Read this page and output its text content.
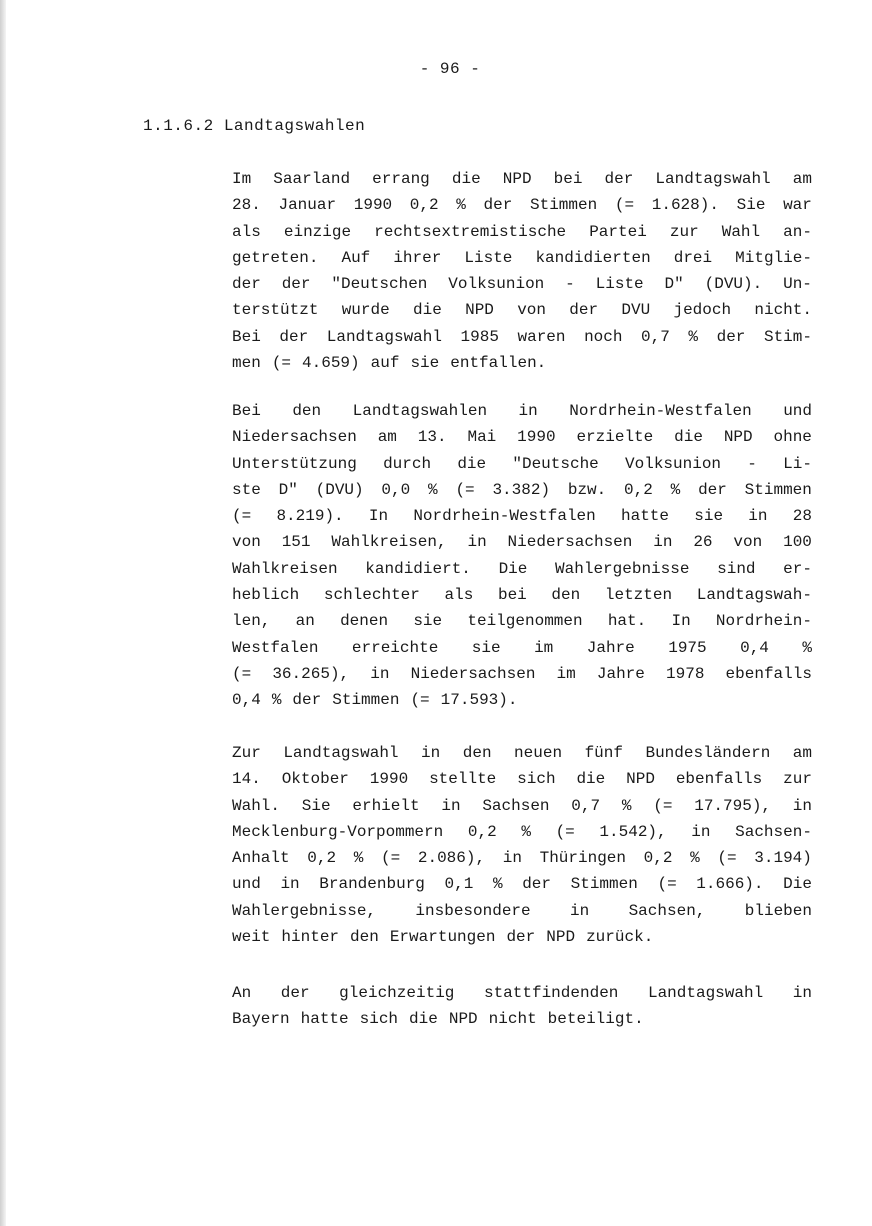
- 96 -
1.1.6.2 Landtagswahlen
Im Saarland errang die NPD bei der Landtagswahl am
28. Januar 1990 0,2 % der Stimmen (= 1.628). Sie war
als einzige rechtsextremistische Partei zur Wahl an-
getreten. Auf ihrer Liste kandidierten drei Mitglie-
der der "Deutschen Volksunion - Liste D" (DVU). Un-
terstützt wurde die NPD von der DVU jedoch nicht.
Bei der Landtagswahl 1985 waren noch 0,7 % der Stim-
men (= 4.659) auf sie entfallen.
Bei den Landtagswahlen in Nordrhein-Westfalen und
Niedersachsen am 13. Mai 1990 erzielte die NPD ohne
Unterstützung durch die "Deutsche Volksunion - Li-
ste D" (DVU) 0,0 % (= 3.382) bzw. 0,2 % der Stimmen
(= 8.219). In Nordrhein-Westfalen hatte sie in 28
von 151 Wahlkreisen, in Niedersachsen in 26 von 100
Wahlkreisen kandidiert. Die Wahlergebnisse sind er-
heblich schlechter als bei den letzten Landtagswah-
len, an denen sie teilgenommen hat. In Nordrhein-
Westfalen erreichte sie im Jahre 1975 0,4 %
(= 36.265), in Niedersachsen im Jahre 1978 ebenfalls
0,4 % der Stimmen (= 17.593).
Zur Landtagswahl in den neuen fünf Bundesländern am
14. Oktober 1990 stellte sich die NPD ebenfalls zur
Wahl. Sie erhielt in Sachsen 0,7 % (= 17.795), in
Mecklenburg-Vorpommern 0,2 % (= 1.542), in Sachsen-
Anhalt 0,2 % (= 2.086), in Thüringen 0,2 % (= 3.194)
und in Brandenburg 0,1 % der Stimmen (= 1.666). Die
Wahlergebnisse, insbesondere in Sachsen, blieben
weit hinter den Erwartungen der NPD zurück.
An der gleichzeitig stattfindenden Landtagswahl in
Bayern hatte sich die NPD nicht beteiligt.
